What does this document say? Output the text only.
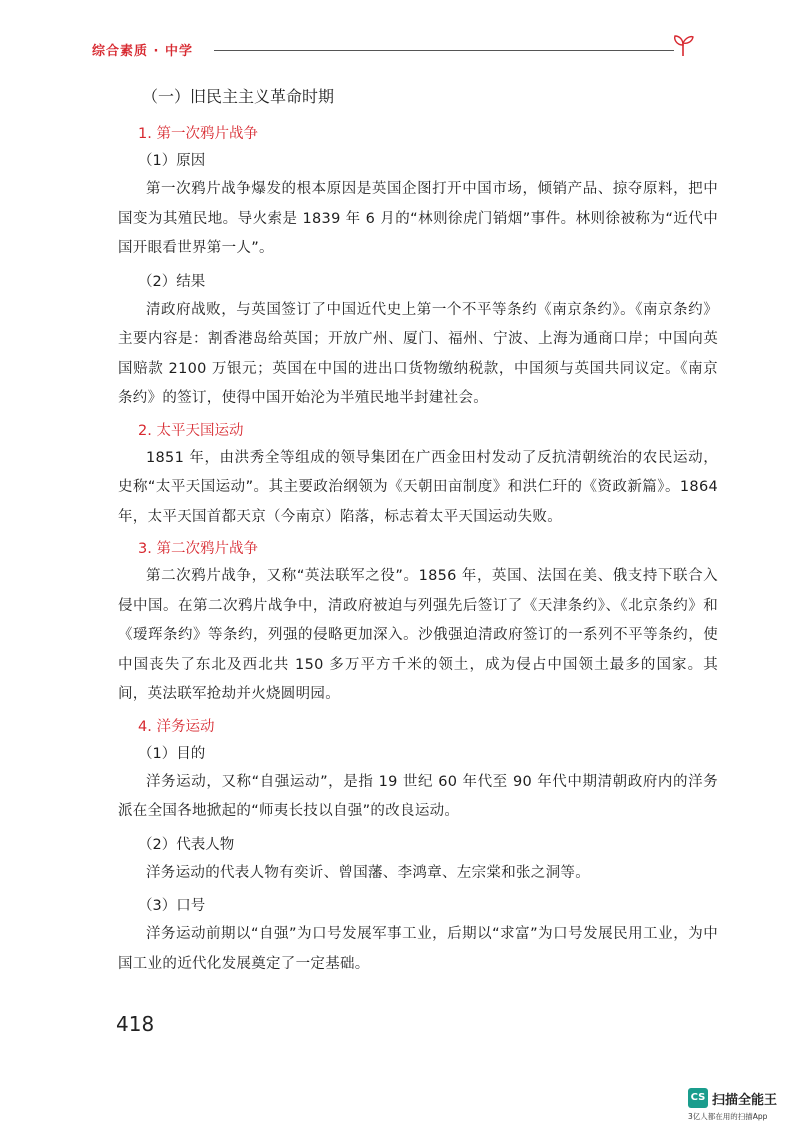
综合素质 · 中学
（一）旧民主主义革命时期
1. 第一次鸦片战争
（1）原因

第一次鸦片战争爆发的根本原因是英国企图打开中国市场，倾销产品、掠夺原料，把中国变为其殖民地。导火索是 1839 年 6 月的“林则徐虎门销烟”事件。林则徐被称为“近代中国开眼看世界第一人”。

（2）结果

清政府战败，与英国签订了中国近代史上第一个不平等条约《南京条约》。《南京条约》主要内容是：割香港岛给英国；开放广州、厦门、福州、宁波、上海为通商口岸；中国向英国赔款 2100 万银元；英国在中国的进出口货物缴纳税款，中国须与英国共同议定。《南京条约》的签订，使得中国开始沦为半殖民地半封建社会。

2. 太平天国运动

1851 年，由洪秀全等组成的领导集团在广西金田村发动了反抗清朝统治的农民运动，史称“太平天国运动”。其主要政治纲领为《天朝田亩制度》和洪仁玕的《资政新篇》。1864 年，太平天国首都天京（今南京）陷落，标志着太平天国运动失败。

3. 第二次鸦片战争

第二次鸦片战争，又称“英法联军之役”。1856 年，英国、法国在美、俄支持下联合入侵中国。在第二次鸦片战争中，清政府被迫与列强先后签订了《天津条约》、《北京条约》和《瑷珲条约》等条约，列强的侵略更加深入。沙俄强迫清政府签订的一系列不平等条约，使中国丧失了东北及西北共 150 多万平方千米的领土，成为侵占中国领土最多的国家。其间，英法联军抢劫并火烧圆明园。

4. 洋务运动
（1）目的

洋务运动，又称“自强运动”，是指 19 世纪 60 年代至 90 年代中期清朝政府内的洋务派在全国各地掀起的“师夷长技以自强”的改良运动。

（2）代表人物

洋务运动的代表人物有奕䜣、曾国藩、李鸿章、左宗棠和张之洞等。

（3）口号

洋务运动前期以“自强”为口号发展军事工业，后期以“求富”为口号发展民用工业，为中国工业的近代化发展奠定了一定基础。

418
CS 扫描全能王
3亿人都在用的扫描App
